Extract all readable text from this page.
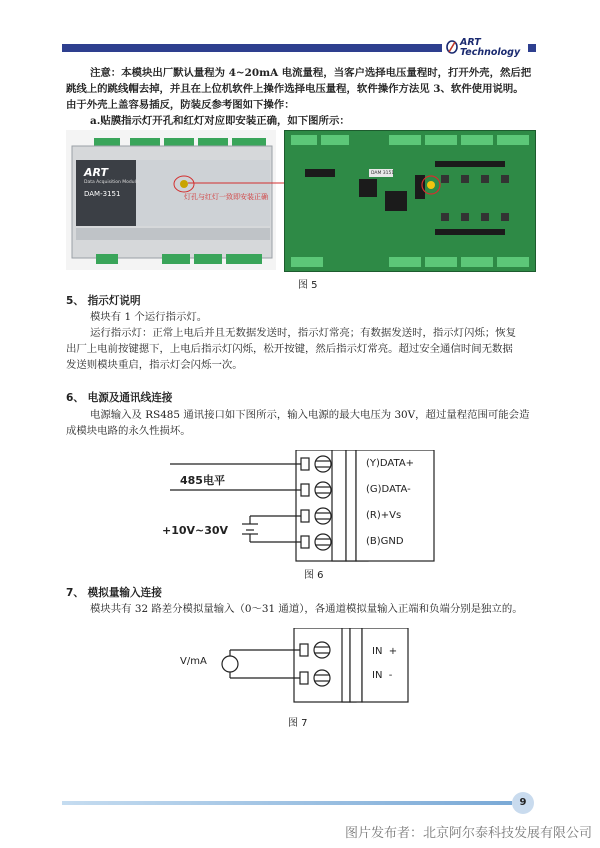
ART
Technology
注意：本模块出厂默认量程为 4~20mA 电流量程，当客户选择电压量程时，打开外壳，然后把
跳线上的跳线帽去掉，并且在上位机软件上操作选择电压量程，软件操作方法见 3、软件使用说明。
由于外壳上盖容易插反，防装反参考图如下操作：
a.贴膜指示灯开孔和红灯对应即安装正确，如下图所示：
ART
Data Acquisition Module
DAM-3151	灯孔与红灯一致即安装正确
DAM 3151
图 5
5、 指示灯说明
模块有 1 个运行指示灯。
运行指示灯：正常上电后并且无数据发送时，指示灯常亮；有数据发送时，指示灯闪烁；恢复
出厂上电前按键摁下，上电后指示灯闪烁，松开按键，然后指示灯常亮。超过安全通信时间无数据
发送则模块重启，指示灯会闪烁一次。
6、 电源及通讯线连接
电源输入及 RS485 通讯接口如下图所示，输入电源的最大电压为 30V，超过量程范围可能会造
成模块电路的永久性损坏。
485电平
+10V~30V
(Y)DATA+
(G)DATA-
(R)+Vs
(B)GND
图 6
7、 模拟量输入连接
模块共有 32 路差分模拟量输入（0～31 通道），各通道模拟量输入正端和负端分别是独立的。
V/mA
IN  +
IN  -
图 7
9
图片发布者：北京阿尔泰科技发展有限公司
